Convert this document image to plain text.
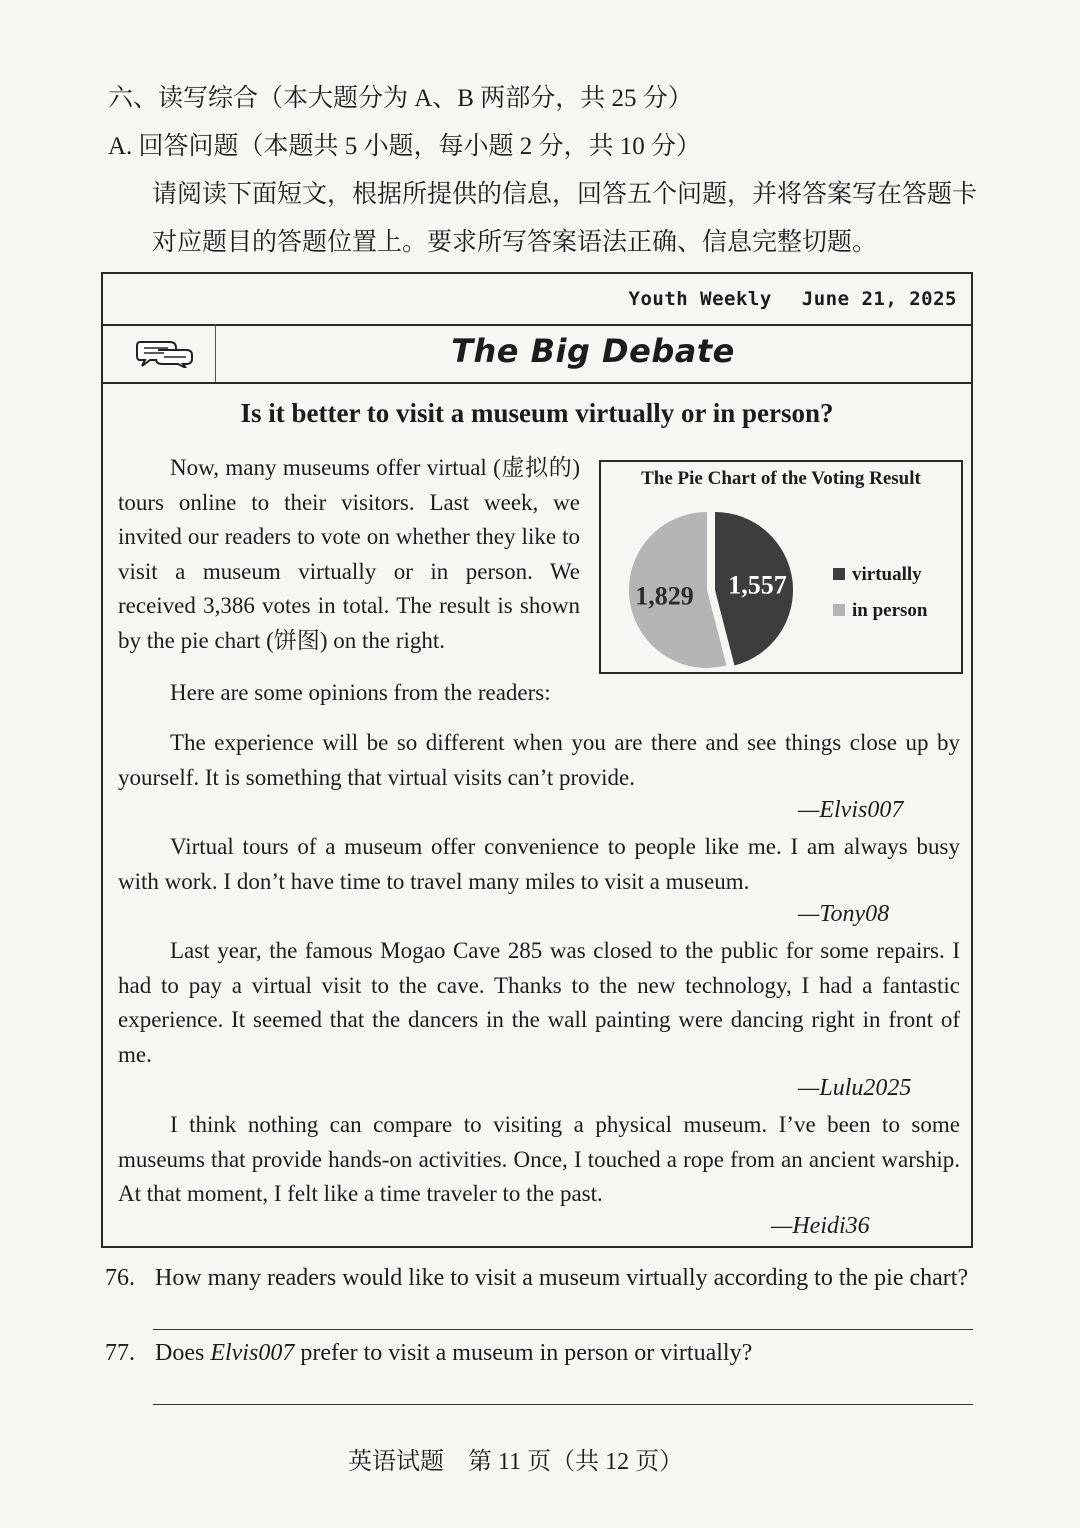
六、读写综合（本大题分为 A、B 两部分，共 25 分）
A. 回答问题（本题共 5 小题，每小题 2 分，共 10 分）
请阅读下面短文，根据所提供的信息，回答五个问题，并将答案写在答题卡
对应题目的答题位置上。要求所写答案语法正确、信息完整切题。
Youth Weekly June 21, 2025
The Big Debate
Is it better to visit a museum virtually or in person?
Now, many museums offer virtual (虚拟的) tours online to their visitors. Last week, we invited our readers to vote on whether they like to visit a museum virtually or in person. We received 3,386 votes in total. The result is shown by the pie chart (饼图) on the right.
The Pie Chart of the Voting Result
1,557
1,829
virtually
in person
Here are some opinions from the readers:
The experience will be so different when you are there and see things close up by yourself. It is something that virtual visits can’t provide.
—Elvis007
Virtual tours of a museum offer convenience to people like me. I am always busy with work. I don’t have time to travel many miles to visit a museum.
—Tony08
Last year, the famous Mogao Cave 285 was closed to the public for some repairs. I had to pay a virtual visit to the cave. Thanks to the new technology, I had a fantastic experience. It seemed that the dancers in the wall painting were dancing right in front of me.
—Lulu2025
I think nothing can compare to visiting a physical museum. I’ve been to some museums that provide hands-on activities. Once, I touched a rope from an ancient warship. At that moment, I felt like a time traveler to the past.
—Heidi36
76. How many readers would like to visit a museum virtually according to the pie chart?
77. Does Elvis007 prefer to visit a museum in person or virtually?
英语试题　第 11 页（共 12 页）
